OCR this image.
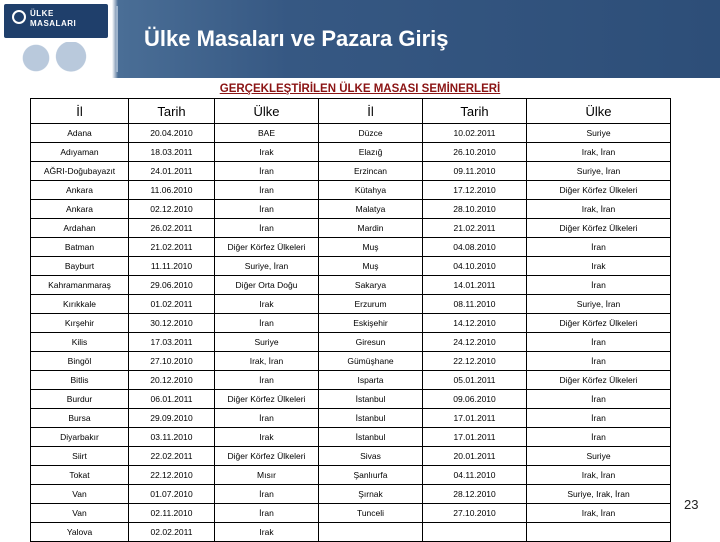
ÜLKE
MASALARI
Ülke Masaları ve Pazara Giriş
GERÇEKLEŞTİRİLEN ÜLKE MASASI SEMİNERLERİ
İl	Tarih	Ülke	İl	Tarih	Ülke
Adana	20.04.2010	BAE	Düzce	10.02.2011	Suriye
Adıyaman	18.03.2011	Irak	Elazığ	26.10.2010	Irak, İran
AĞRI-Doğubayazıt	24.01.2011	İran	Erzincan	09.11.2010	Suriye, İran
Ankara	11.06.2010	İran	Kütahya	17.12.2010	Diğer Körfez Ülkeleri
Ankara	02.12.2010	İran	Malatya	28.10.2010	Irak, İran
Ardahan	26.02.2011	İran	Mardin	21.02.2011	Diğer Körfez Ülkeleri
Batman	21.02.2011	Diğer Körfez Ülkeleri	Muş	04.08.2010	İran
Bayburt	11.11.2010	Suriye, İran	Muş	04.10.2010	Irak
Kahramanmaraş	29.06.2010	Diğer Orta Doğu	Sakarya	14.01.2011	İran
Kırıkkale	01.02.2011	Irak	Erzurum	08.11.2010	Suriye, İran
Kırşehir	30.12.2010	İran	Eskişehir	14.12.2010	Diğer Körfez Ülkeleri
Kilis	17.03.2011	Suriye	Giresun	24.12.2010	İran
Bingöl	27.10.2010	Irak, İran	Gümüşhane	22.12.2010	İran
Bitlis	20.12.2010	İran	Isparta	05.01.2011	Diğer Körfez Ülkeleri
Burdur	06.01.2011	Diğer Körfez Ülkeleri	İstanbul	09.06.2010	İran
Bursa	29.09.2010	İran	İstanbul	17.01.2011	İran
Diyarbakır	03.11.2010	Irak	İstanbul	17.01.2011	İran
Siirt	22.02.2011	Diğer Körfez Ülkeleri	Sivas	20.01.2011	Suriye
Tokat	22.12.2010	Mısır	Şanlıurfa	04.11.2010	Irak, İran
Van	01.07.2010	İran	Şırnak	28.12.2010	Suriye, Irak, İran
Van	02.11.2010	İran	Tunceli	27.10.2010	Irak, İran
Yalova	02.02.2011	Irak			
23
